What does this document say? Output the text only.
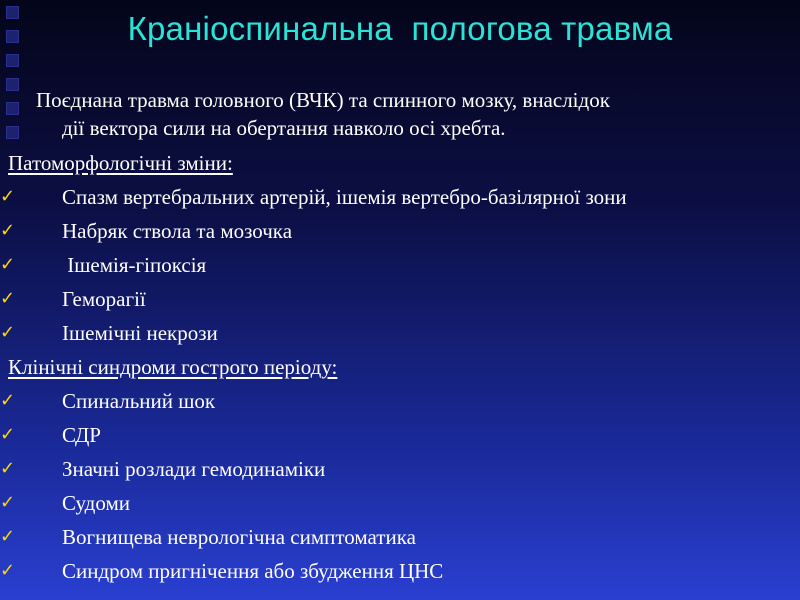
Краніоспинальна  пологова травма
Поєднана травма головного (ВЧК) та спинного мозку, внаслідок
дії вектора сили на обертання навколо осі хребта.
Патоморфологічні зміни:
✓ Спазм вертебральних артерій, ішемія вертебро-базілярної зони
✓ Набряк ствола та мозочка
✓ Ішемія-гіпоксія
✓ Геморагії
✓ Ішемічні некрози
Клінічні синдроми гострого періоду:
✓ Спинальний шок
✓ СДР
✓ Значні розлади гемодинаміки
✓ Судоми
✓ Вогнищева неврологічна симптоматика
✓ Синдром пригнічення або збудження ЦНС
